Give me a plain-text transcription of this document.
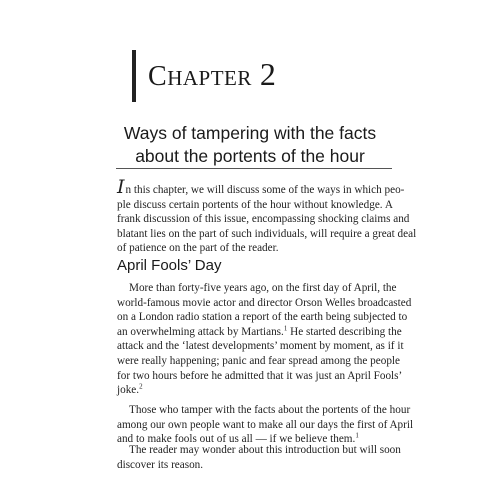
CHAPTER 2
Ways of tampering with the facts
about the portents of the hour
In this chapter, we will discuss some of the ways in which peo-
ple discuss certain portents of the hour without knowledge. A
frank discussion of this issue, encompassing shocking claims and
blatant lies on the part of such individuals, will require a great deal
of patience on the part of the reader.
April Fools’ Day
More than forty-five years ago, on the first day of April, the
world-famous movie actor and director Orson Welles broadcasted
on a London radio station a report of the earth being subjected to
an overwhelming attack by Martians.$^1$ He started describing the
attack and the ‘latest developments’ moment by moment, as if it
were really happening; panic and fear spread among the people
for two hours before he admitted that it was just an April Fools’
joke.$^2$
Those who tamper with the facts about the portents of the hour
among our own people want to make all our days the first of April
and to make fools out of us all — if we believe them.$^1$
The reader may wonder about this introduction but will soon
discover its reason.
